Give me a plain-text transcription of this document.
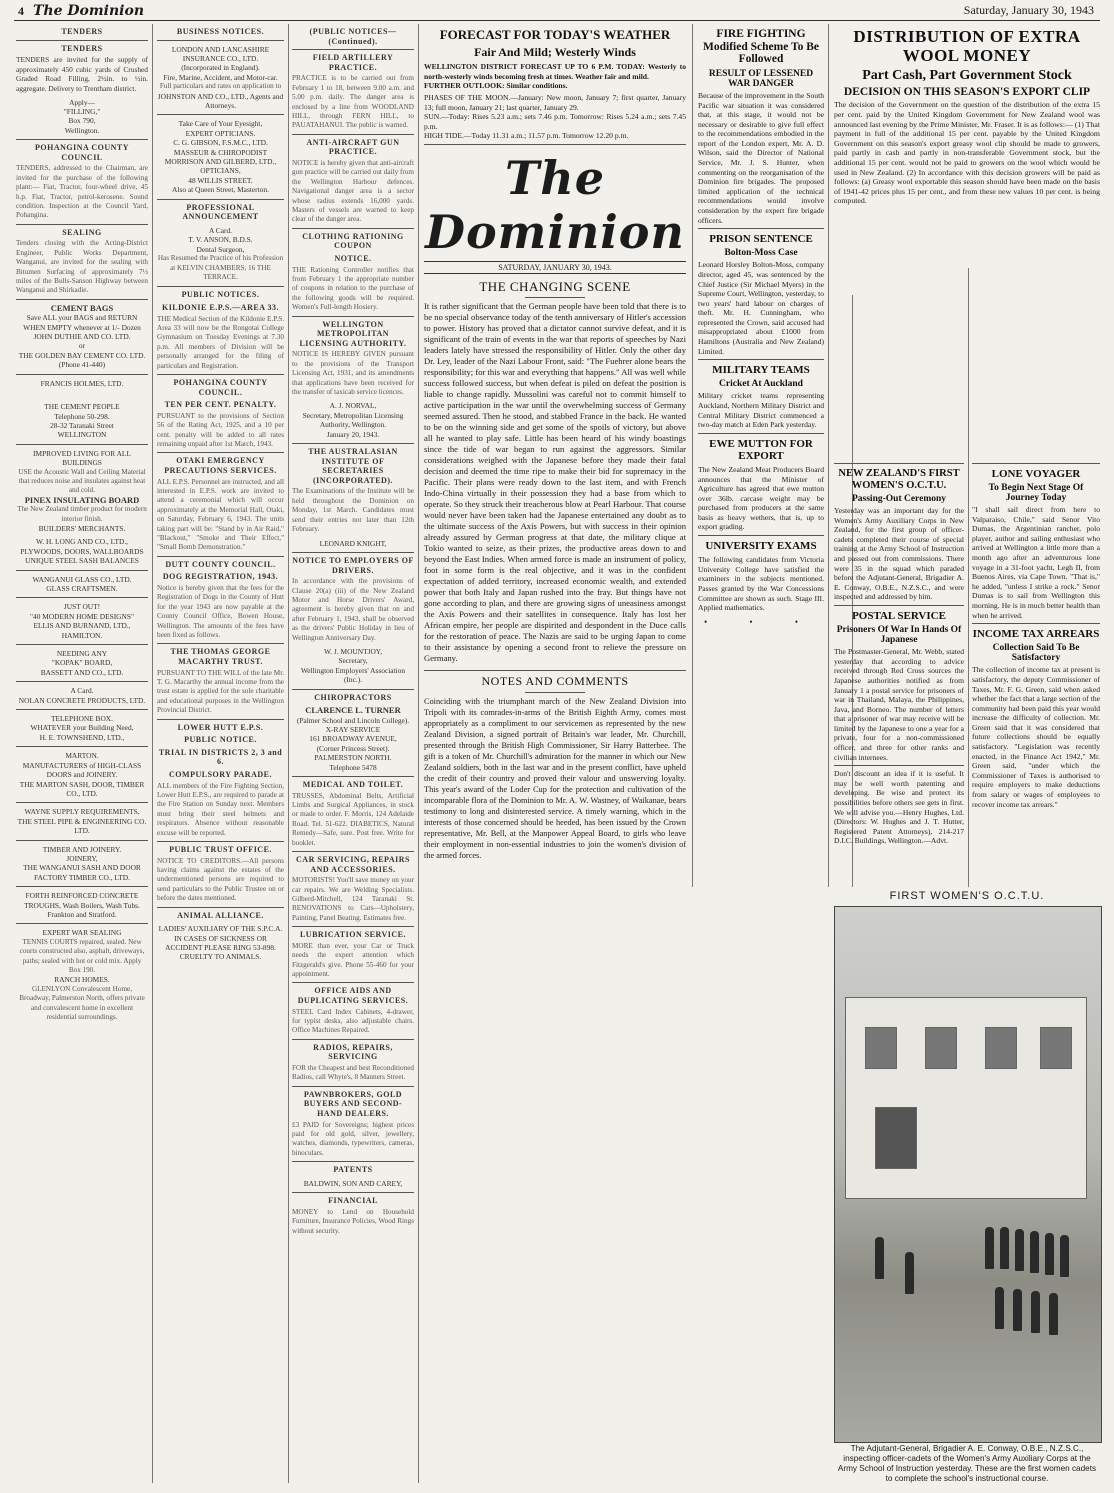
4 The Dominion	Saturday, January 30, 1943
TENDERS
TENDERS
TENDERS are invited for the supply of approximately 450 cubic yards of Crushed Graded Road Filling, 2½in. to ½in. aggregate. Delivery to Trentham district.
Apply—
"FILLING,"
Box 790,
Wellington.
POHANGINA COUNTY COUNCIL
TENDERS, addressed to the Chairman, are invited for the purchase of the following plant:— Fiat, Tractor, four-wheel drive, 45 h.p. Fiat, Tractor, petrol-kerosene. Sound condition. Inspection at the Council Yard, Pohangina.
SEALING
Tenders closing with the Acting-District Engineer, Public Works Department, Wanganui, are invited for the sealing with Bitumen Surfacing of approximately 7½ miles of the Bulls-Sanson Highway between Wanganui and Shirkadie.
CEMENT BAGS
Save ALL your BAGS and RETURN WHEN EMPTY whenever at 1/- Dozen
JOHN DUTHIE AND CO. LTD.
or
THE GOLDEN BAY CEMENT CO. LTD.
(Phone 41-440)
FRANCIS HOLMES, LTD.
THE CEMENT PEOPLE
Telephone 50-298.
28-32 Taranaki Street
WELLINGTON
IMPROVED LIVING FOR ALL BUILDINGS
USE the Acoustic Wall and Ceiling Material that reduces noise and insulates against heat and cold.
PINEX INSULATING BOARD
The New Zealand timber product for modern interior finish.
BUILDERS' MERCHANTS.
W. H. LONG AND CO., LTD.,
PLYWOODS, DOORS, WALLBOARDS
UNIQUE STEEL SASH BALANCES
WANGANUI GLASS CO., LTD.
GLASS CRAFTSMEN.
JUST OUT!
"40 MODERN HOME DESIGNS"
ELLIS AND BURNAND, LTD.,
HAMILTON.
NEEDING ANY
"KOPAK" BOARD,
BASSETT AND CO., LTD.
A Card.
NOLAN CONCRETE PRODUCTS, LTD.
TELEPHONE BOX.
WHATEVER your Building Need,
H. E. TOWNSHEND, LTD.,
MARTON.
MANUFACTURERS of HIGH-CLASS DOORS and JOINERY.
THE MARTON SASH, DOOR, TIMBER CO., LTD.
WAYNE SUPPLY REQUIREMENTS,
THE STEEL PIPE & ENGINEERING CO. LTD.
TIMBER AND JOINERY.
JOINERY,
THE WANGANUI SASH AND DOOR FACTORY TIMBER CO., LTD.
FORTH REINFORCED CONCRETE
TROUGHS, Wash Boilers, Wash Tubs.
Frankton and Stratford.
EXPERT WAR SEALING
TENNIS COURTS repaired, sealed. New courts constructed also, asphalt, driveways, paths; sealed with hot or cold mix. Apply Box 190.
RANCH HOMES.
GLENLYON Convalescent Home, Broadway, Palmerston North, offers private and convalescent home in excellent residential surroundings.
BUSINESS NOTICES.
LONDON AND LANCASHIRE INSURANCE CO., LTD.
(Incorporated in England).
Fire, Marine, Accident, and Motor-car.
Full particulars and rates on application to
JOHNSTON AND CO., LTD., Agents and Attorneys.
Take Care of Your Eyesight,
EXPERT OPTICIANS.
C. G. GIBSON, F.S.M.C., LTD.
MASSEUR & CHIROPODIST
MORRISON AND GILBERD, LTD.,
OPTICIANS,
48 WILLIS STREET.
Also at Queen Street, Masterton.
PROFESSIONAL ANNOUNCEMENT
A Card.
T. V. ANSON, B.D.S.
Dental Surgeon,
Has Resumed the Practice of his Profession at KELVIN CHAMBERS, 16 THE TERRACE.
PUBLIC NOTICES.
KILDONIE E.P.S.—AREA 33.
THE Medical Section of the Kildonie E.P.S. Area 33 will now be the Rongotai College Gymnasium on Tuesday Evenings at 7.30 p.m. All members of Division will be personally arranged for the filing of particulars and Registration.
POHANGINA COUNTY COUNCIL.
TEN PER CENT. PENALTY.
PURSUANT to the provisions of Section 56 of the Rating Act, 1925, and a 10 per cent. penalty will be added to all rates remaining unpaid after 1st March, 1943.
OTAKI EMERGENCY PRECAUTIONS SERVICES.
ALL E.P.S. Personnel are instructed, and all interested in E.P.S. work are invited to attend a ceremonial which will occur approximately at the Memorial Hall, Otaki, on Saturday, February 6, 1943. The units taking part will be: "Stand by in Air Raid," "Blackout," "Smoke and Their Effect," "Small Bomb Demonstration."
DUTT COUNTY COUNCIL.
DOG REGISTRATION, 1943.
Notice is hereby given that the fees for the Registration of Dogs in the County of Hutt for the year 1943 are now payable at the County Council Office, Bowen House, Wellington. The amounts of the fees have been fixed as follows.
THE THOMAS GEORGE MACARTHY TRUST.
PURSUANT TO THE WILL of the late Mr. T. G. Macarthy the annual income from the trust estate is applied for the sole charitable and educational purposes in the Wellington Provincial District.
LOWER HUTT E.P.S.
PUBLIC NOTICE.
TRIAL IN DISTRICTS 2, 3 and 6.
COMPULSORY PARADE.
ALL members of the Fire Fighting Section, Lower Hutt E.P.S., are required to parade at the Fire Station on Sunday next. Members must bring their steel helmets and respirators. Absence without reasonable excuse will be reported.
PUBLIC TRUST OFFICE.
NOTICE TO CREDITORS.—All persons having claims against the estates of the undermentioned persons are required to send particulars to the Public Trustee on or before the dates mentioned.
ANIMAL ALLIANCE.
LADIES' AUXILIARY OF THE S.P.C.A.
IN CASES OF SICKNESS OR ACCIDENT PLEASE RING 53-898.
CRUELTY TO ANIMALS.
(PUBLIC NOTICES—(Continued).
FIELD ARTILLERY PRACTICE.
PRACTICE is to be carried out from February 1 to 18, between 9.00 a.m. and 5.00 p.m. daily. The danger area is enclosed by a line from WOODLAND HILL, through FERN HILL, to PAUATAHANUI. The public is warned.
ANTI-AIRCRAFT GUN PRACTICE.
NOTICE is hereby given that anti-aircraft gun practice will be carried out daily from the Wellington Harbour defences. Navigational danger area is a sector whose radius extends 16,000 yards. Masters of vessels are warned to keep clear of the danger area.
CLOTHING RATIONING COUPON
NOTICE.
THE Rationing Controller notifies that from February 1 the appropriate number of coupons in relation to the purchase of the following goods will be required. Women's Full-length Hosiery.
WELLINGTON METROPOLITAN LICENSING AUTHORITY.
NOTICE IS HEREBY GIVEN pursuant to the provisions of the Transport Licensing Act, 1931, and its amendments that applications have been received for the transfer of taxicab service licences.
A. J. NORVAL,
Secretary, Metropolitan Licensing Authority, Wellington.
January 20, 1943.
THE AUSTRALASIAN INSTITUTE OF SECRETARIES (INCORPORATED).
The Examinations of the Institute will be held throughout the Dominion on Monday, 1st March. Candidates must send their entries not later than 12th February.
LEONARD KNIGHT,
NOTICE TO EMPLOYERS OF DRIVERS.
In accordance with the provisions of Clause 20(a) (iii) of the New Zealand Motor and Horse Drivers' Award, agreement is hereby given that on and after February 1, 1943, shall be observed as the drivers' Public Holiday in lieu of Wellington Anniversary Day.
W. J. MOUNTJOY,
Secretary,
Wellington Employers' Association (Inc.).
CHIROPRACTORS
CLARENCE L. TURNER
(Palmer School and Lincoln College).
X-RAY SERVICE
161 BROADWAY AVENUE,
(Corner Princess Street).
PALMERSTON NORTH.
Telephone 5478
MEDICAL AND TOILET.
TRUSSES, Abdominal Belts, Artificial Limbs and Surgical Appliances, in stock or made to order. F. Morris, 124 Adelaide Road. Tel. 51-622. DIABETICS, Natural Remedy—Safe, sure. Post free. Write for booklet.
CAR SERVICING, REPAIRS AND ACCESSORIES.
MOTORISTS! You'll save money on your car repairs. We are Welding Specialists. Gilberd-Mitchell, 124 Taranaki St. RENOVATIONS to Cars—Upholstery, Painting, Panel Beating. Estimates free.
LUBRICATION SERVICE.
MORE than ever, your Car or Truck needs the expert attention which Fitzgerald's give. Phone 55-460 for your appointment.
OFFICE AIDS AND DUPLICATING SERVICES.
STEEL Card Index Cabinets, 4-drawer, for typist desks, also adjustable chairs. Office Machines Repaired.
RADIOS, REPAIRS, SERVICING
FOR the Cheapest and best Reconditioned Radios, call Whyte's, 8 Manners Street.
PAWNBROKERS, GOLD BUYERS AND SECOND-HAND DEALERS.
£3 PAID for Sovereigns; highest prices paid for old gold, silver, jewellery, watches, diamonds, typewriters, cameras, binoculars.
PATENTS
BALDWIN, SON AND CAREY,
FINANCIAL
MONEY to Lend on Household Furniture, Insurance Policies, Wood Rings without security.
FORECAST FOR TODAY'S WEATHER
Fair And Mild; Westerly Winds
WELLINGTON DISTRICT FORECAST UP TO 6 P.M. TODAY: Westerly to north-westerly winds becoming fresh at times. Weather fair and mild.
FURTHER OUTLOOK: Similar conditions.
PHASES OF THE MOON.—January: New moon, January 7; first quarter, January 13; full moon, January 21; last quarter, January 29.
SUN.—Today: Rises 5.23 a.m.; sets 7.46 p.m. Tomorrow: Rises 5.24 a.m.; sets 7.45 p.m.
HIGH TIDE.—Today 11.31 a.m.; 11.57 p.m. Tomorrow 12.20 p.m.
The Dominion
SATURDAY, JANUARY 30, 1943.
THE CHANGING SCENE
It is rather significant that the German people have been told that there is to be no special observance today of the tenth anniversary of Hitler's accession to power. History has proved that a dictator cannot survive defeat, and it is significant of the train of events in the war that reports of speeches by Nazi leaders lately have stressed the responsibility of Hitler. Only the other day Dr. Ley, leader of the Nazi Labour Front, said: "The Fuehrer alone bears the responsibility; for this war and everything that happens." All was well while success followed success, but when defeat is piled on defeat the position is liable to change rapidly. Mussolini was careful not to commit himself to active participation in the war until the overwhelming success of Germany seemed assured. Then he stood, and stabbed France in the back. He wanted to be on the winning side and get some of the spoils of victory, but above all he wanted to play safe. Little has been heard of his windy boastings since the tide of war began to run against the aggressors. Similar considerations weighed with the Japanese before they made their fatal decision and deemed the time ripe to make their bid for supremacy in the Pacific. Their plans were ready down to the last item, and with French Indo-China virtually in their possession they had a base from which to operate. So they struck their treacherous blow at Pearl Harbour. That course would never have been taken had the Japanese entertained any doubt as to the ultimate success of the Axis Powers, but with success in their opinion already assured by German progress at that date, the military clique at Tokio wanted to seize, as their prizes, the productive areas down to and beyond the East Indies. When armed force is made an instrument of policy, foot in some form is the real objective, and it was in the confident expectation of added territory, increased economic wealth, and extended power that both Italy and Japan rushed into the fray. But things have not gone according to plan, and there are growing signs of uneasiness amongst the Axis Powers and their satellites in consequence. Italy has lost her African empire, her people are dispirited and despondent in the Duce calls for the restoration of peace. The Nazis are said to be urging Japan to come to their assistance by opening a second front to relieve the pressure on Germany.
NOTES AND COMMENTS
Coinciding with the triumphant march of the New Zealand Division into Tripoli with its comrades-in-arms of the British Eighth Army, comes most appropriately as a compliment to our servicemen as represented by the new Zealand Division, a signed portrait of Britain's war leader, Mr. Churchill, presented through the British High Commissioner, Sir Harry Batterbee. The gift is a token of Mr. Churchill's admiration for the manner in which our New Zealand soldiers, both in the last war and in the present conflict, have upheld the credit of their country and proved their valour and unswerving loyalty. This year's award of the Loder Cup for the protection and cultivation of the incomparable flora of the Dominion to Mr. A. W. Wastney, of Waikanae, bears testimony to long and disinterested service. A timely warning, which in the interests of those concerned should be heeded, has been issued by the Crown representative, Mr. Bell, at the Manpower Appeal Board, to girls who leave their employment in non-essential industries to join the women's division of the armed forces.
FIRE FIGHTING Modified Scheme To Be Followed
RESULT OF LESSENED WAR DANGER
Because of the improvement in the South Pacific war situation it was considered that, at this stage, it would not be necessary or desirable to give full effect to the recommendations embodied in the report of the London expert, Mr. A. D. Wilson, said the Director of National Service, Mr. J. S. Hunter, when commenting on the reorganisation of the Dominion fire brigades. The proposed limited application of the technical recommendations would involve consideration by the expert fire brigade officers.
PRISON SENTENCE
Bolton-Moss Case
Leonard Horsley Bolton-Moss, company director, aged 45, was sentenced by the Chief Justice (Sir Michael Myers) in the Supreme Court, Wellington, yesterday, to two years' hard labour on charges of theft. Mr. H. Cunningham, who represented the Crown, said accused had misappropriated about £1000 from Hamiltons (Australia and New Zealand) Limited.
MILITARY TEAMS
Cricket At Auckland
Military cricket teams representing Auckland, Northern Military District and Central Military District commenced a two-day match at Eden Park yesterday.
EWE MUTTON FOR EXPORT
The New Zealand Meat Producers Board announces that the Minister of Agriculture has agreed that ewe mutton over 36lb. carcase weight may be purchased from producers at the same basis as heavy wethers, that is, up to export grading.
UNIVERSITY EXAMS
The following candidates from Victoria University College have satisfied the examiners in the subjects mentioned. Passes granted by the War Concessions Committee are shown as such. Stage III. Applied mathematics.
• • •
DISTRIBUTION OF EXTRA WOOL MONEY
Part Cash, Part Government Stock
DECISION ON THIS SEASON'S EXPORT CLIP
The decision of the Government on the question of the distribution of the extra 15 per cent. paid by the United Kingdom Government for New Zealand wool was announced last evening by the Prime Minister, Mr. Fraser. It is as follows:— (1) That payment in full of the additional 15 per cent. payable by the United Kingdom Government on this season's export greasy wool clip should be made to growers, paid partly in cash and partly in non-transferable Government stock, but the additional 15 per cent. would not be paid to growers on the wool which would be used in New Zealand. (2) In accordance with this decision growers will be paid as follows: (a) Greasy wool exportable this season should have been made on the basis of 1941-42 prices plus 15 per cent., and from these new values 10 per cent. is being computed.
NEW ZEALAND'S FIRST WOMEN'S O.C.T.U.
Passing-Out Ceremony
Yesterday was an important day for the Women's Army Auxiliary Corps in New Zealand, for the first group of officer-cadets completed their course of special training at the Army School of Instruction and passed out from commissions. There were 35 in the squad which paraded before the Adjutant-General, Brigadier A. E. Conway, O.B.E., N.Z.S.C., and were inspected and addressed by him.
POSTAL SERVICE
Prisoners Of War In Hands Of Japanese
The Postmaster-General, Mr. Webb, stated yesterday that according to advice received through Red Cross sources the Japanese authorities notified as from January 1 a postal service for prisoners of war in Thailand, Malaya, the Philippines, Java, and Borneo. The number of letters that a prisoner of war may receive will be limited by the Japanese to one a year for a private, four for a non-commissioned officer, and three for other ranks and civilian internees.
Don't discount an idea if it is useful. It may be well worth patenting and developing. Be wise and protect its possibilities before others see gets in first. We will advise you.—Henry Hughes, Ltd. (Directors: W. Hughes and J. T. Hutter, Registered Patent Attorneys), 214-217 D.I.C. Buildings, Wellington.—Advt.
LONE VOYAGER
To Begin Next Stage Of Journey Today
"I shall sail direct from here to Valparaiso, Chile," said Senor Vito Dumas, the Argentinian rancher, polo player, author and sailing enthusiast who arrived at Wellington a little more than a month ago after an adventurous lone voyage in a 31-foot yacht, Legh II, from Buenos Aires, via Cape Town. "That is," he added, "unless I strike a rock." Senor Dumas is to sail from Wellington this morning. He is in much better health than when he arrived.
INCOME TAX ARREARS
Collection Said To Be Satisfactory
The collection of income tax at present is satisfactory, the deputy Commissioner of Taxes, Mr. F. G. Green, said when asked whether the fact that a large section of the community had been paid this year would increase the difficulty of collection. Mr. Green said that it was considered that future collections should be equally satisfactory. "Legislation was recently enacted, in the Finance Act 1942," Mr. Green said, "under which the Commissioner of Taxes is authorised to require employers to make deductions from salary or wages of employees to recover income tax arrears."
FIRST WOMEN'S O.C.T.U.
The Adjutant-General, Brigadier A. E. Conway, O.B.E., N.Z.S.C., inspecting officer-cadets of the Women's Army Auxiliary Corps at the Army School of Instruction yesterday. These are the first women cadets to complete the school's instructional course.
